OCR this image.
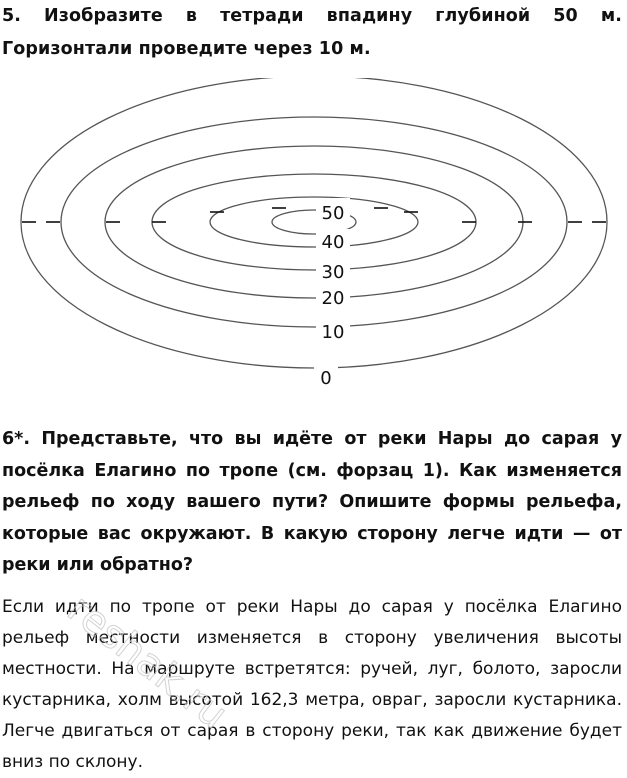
5. Изобразите в тетради впадину глубиной 50 м. Горизонтали проведите через 10 м.
50
40
30
20
10
0
6*. Представьте, что вы идёте от реки Нары до сарая у посёлка Елагино по тропе (см. форзац 1). Как изменяется рельеф по ходу вашего пути? Опишите формы рельефа, которые вас окружают. В какую сторону легче идти — от реки или обратно?
Если идти по тропе от реки Нары до сарая у посёлка Елагино рельеф местности изменяется в сторону увеличения высоты местности. На маршруте встретятся: ручей, луг, болото, заросли кустарника, холм высотой 162,3 метра, овраг, заросли кустарника. Легче двигаться от сарая в сторону реки, так как движение будет вниз по склону.
reshak.ru
